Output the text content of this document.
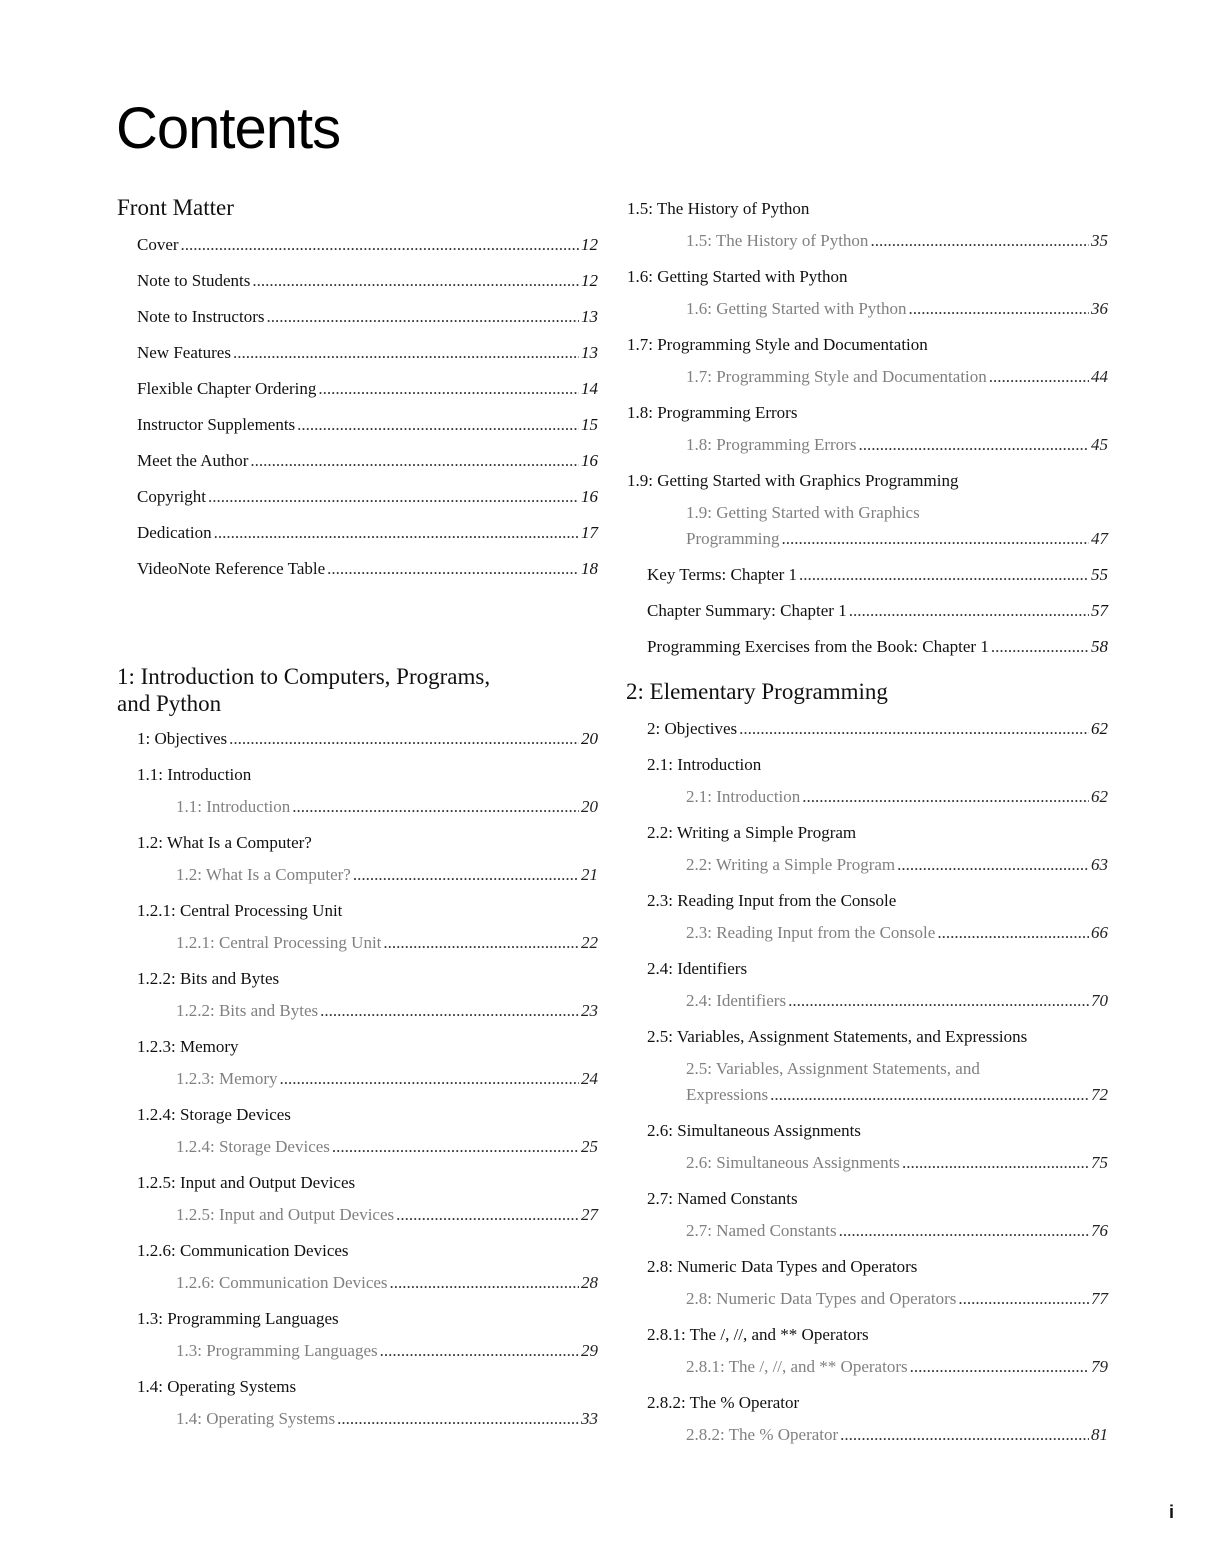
Contents
Front Matter
Cover .....	12
Note to Students .....	12
Note to Instructors .....	13
New Features .....	13
Flexible Chapter Ordering .....	14
Instructor Supplements .....	15
Meet the Author .....	16
Copyright .....	16
Dedication .....	17
VideoNote Reference Table .....	18
1: Introduction to Computers, Programs,
and Python
1: Objectives .....	20
1.1: Introduction
1.1: Introduction .....	20
1.2: What Is a Computer?
1.2: What Is a Computer? .....	21
1.2.1: Central Processing Unit
1.2.1: Central Processing Unit .....	22
1.2.2: Bits and Bytes
1.2.2: Bits and Bytes .....	23
1.2.3: Memory
1.2.3: Memory .....	24
1.2.4: Storage Devices
1.2.4: Storage Devices .....	25
1.2.5: Input and Output Devices
1.2.5: Input and Output Devices .....	27
1.2.6: Communication Devices
1.2.6: Communication Devices .....	28
1.3: Programming Languages
1.3: Programming Languages .....	29
1.4: Operating Systems
1.4: Operating Systems .....	33
1.5: The History of Python
1.5: The History of Python .....	35
1.6: Getting Started with Python
1.6: Getting Started with Python .....	36
1.7: Programming Style and Documentation
1.7: Programming Style and Documentation .....	44
1.8: Programming Errors
1.8: Programming Errors .....	45
1.9: Getting Started with Graphics Programming
1.9: Getting Started with Graphics
Programming .....	47
Key Terms: Chapter 1 .....	55
Chapter Summary: Chapter 1 .....	57
Programming Exercises from the Book: Chapter 1 .....	58
2: Elementary Programming
2: Objectives .....	62
2.1: Introduction
2.1: Introduction .....	62
2.2: Writing a Simple Program
2.2: Writing a Simple Program .....	63
2.3: Reading Input from the Console
2.3: Reading Input from the Console .....	66
2.4: Identifiers
2.4: Identifiers .....	70
2.5: Variables, Assignment Statements, and Expressions
2.5: Variables, Assignment Statements, and
Expressions .....	72
2.6: Simultaneous Assignments
2.6: Simultaneous Assignments .....	75
2.7: Named Constants
2.7: Named Constants .....	76
2.8: Numeric Data Types and Operators
2.8: Numeric Data Types and Operators .....	77
2.8.1: The /, //, and ** Operators
2.8.1: The /, //, and ** Operators .....	79
2.8.2: The % Operator
2.8.2: The % Operator .....	81
i
